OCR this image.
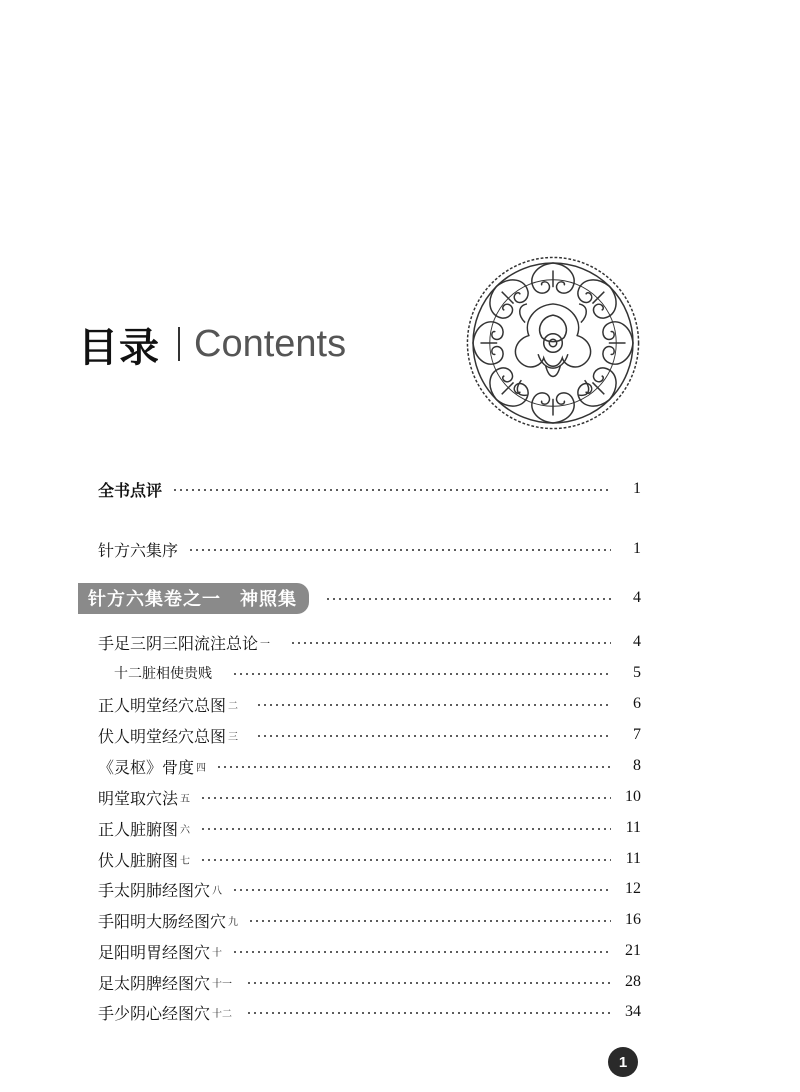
目录 Contents
全书点评	1
针方六集序	1
针方六集卷之一　神照集	4
手足三阴三阳流注总论 一	4
十二脏相使贵贱	5
正人明堂经穴总图 二	6
伏人明堂经穴总图 三	7
《灵枢》骨度 四	8
明堂取穴法 五	10
正人脏腑图 六	11
伏人脏腑图 七	11
手太阴肺经图穴 八	12
手阳明大肠经图穴 九	16
足阳明胃经图穴 十	21
足太阴脾经图穴 十一	28
手少阴心经图穴 十二	34
1
